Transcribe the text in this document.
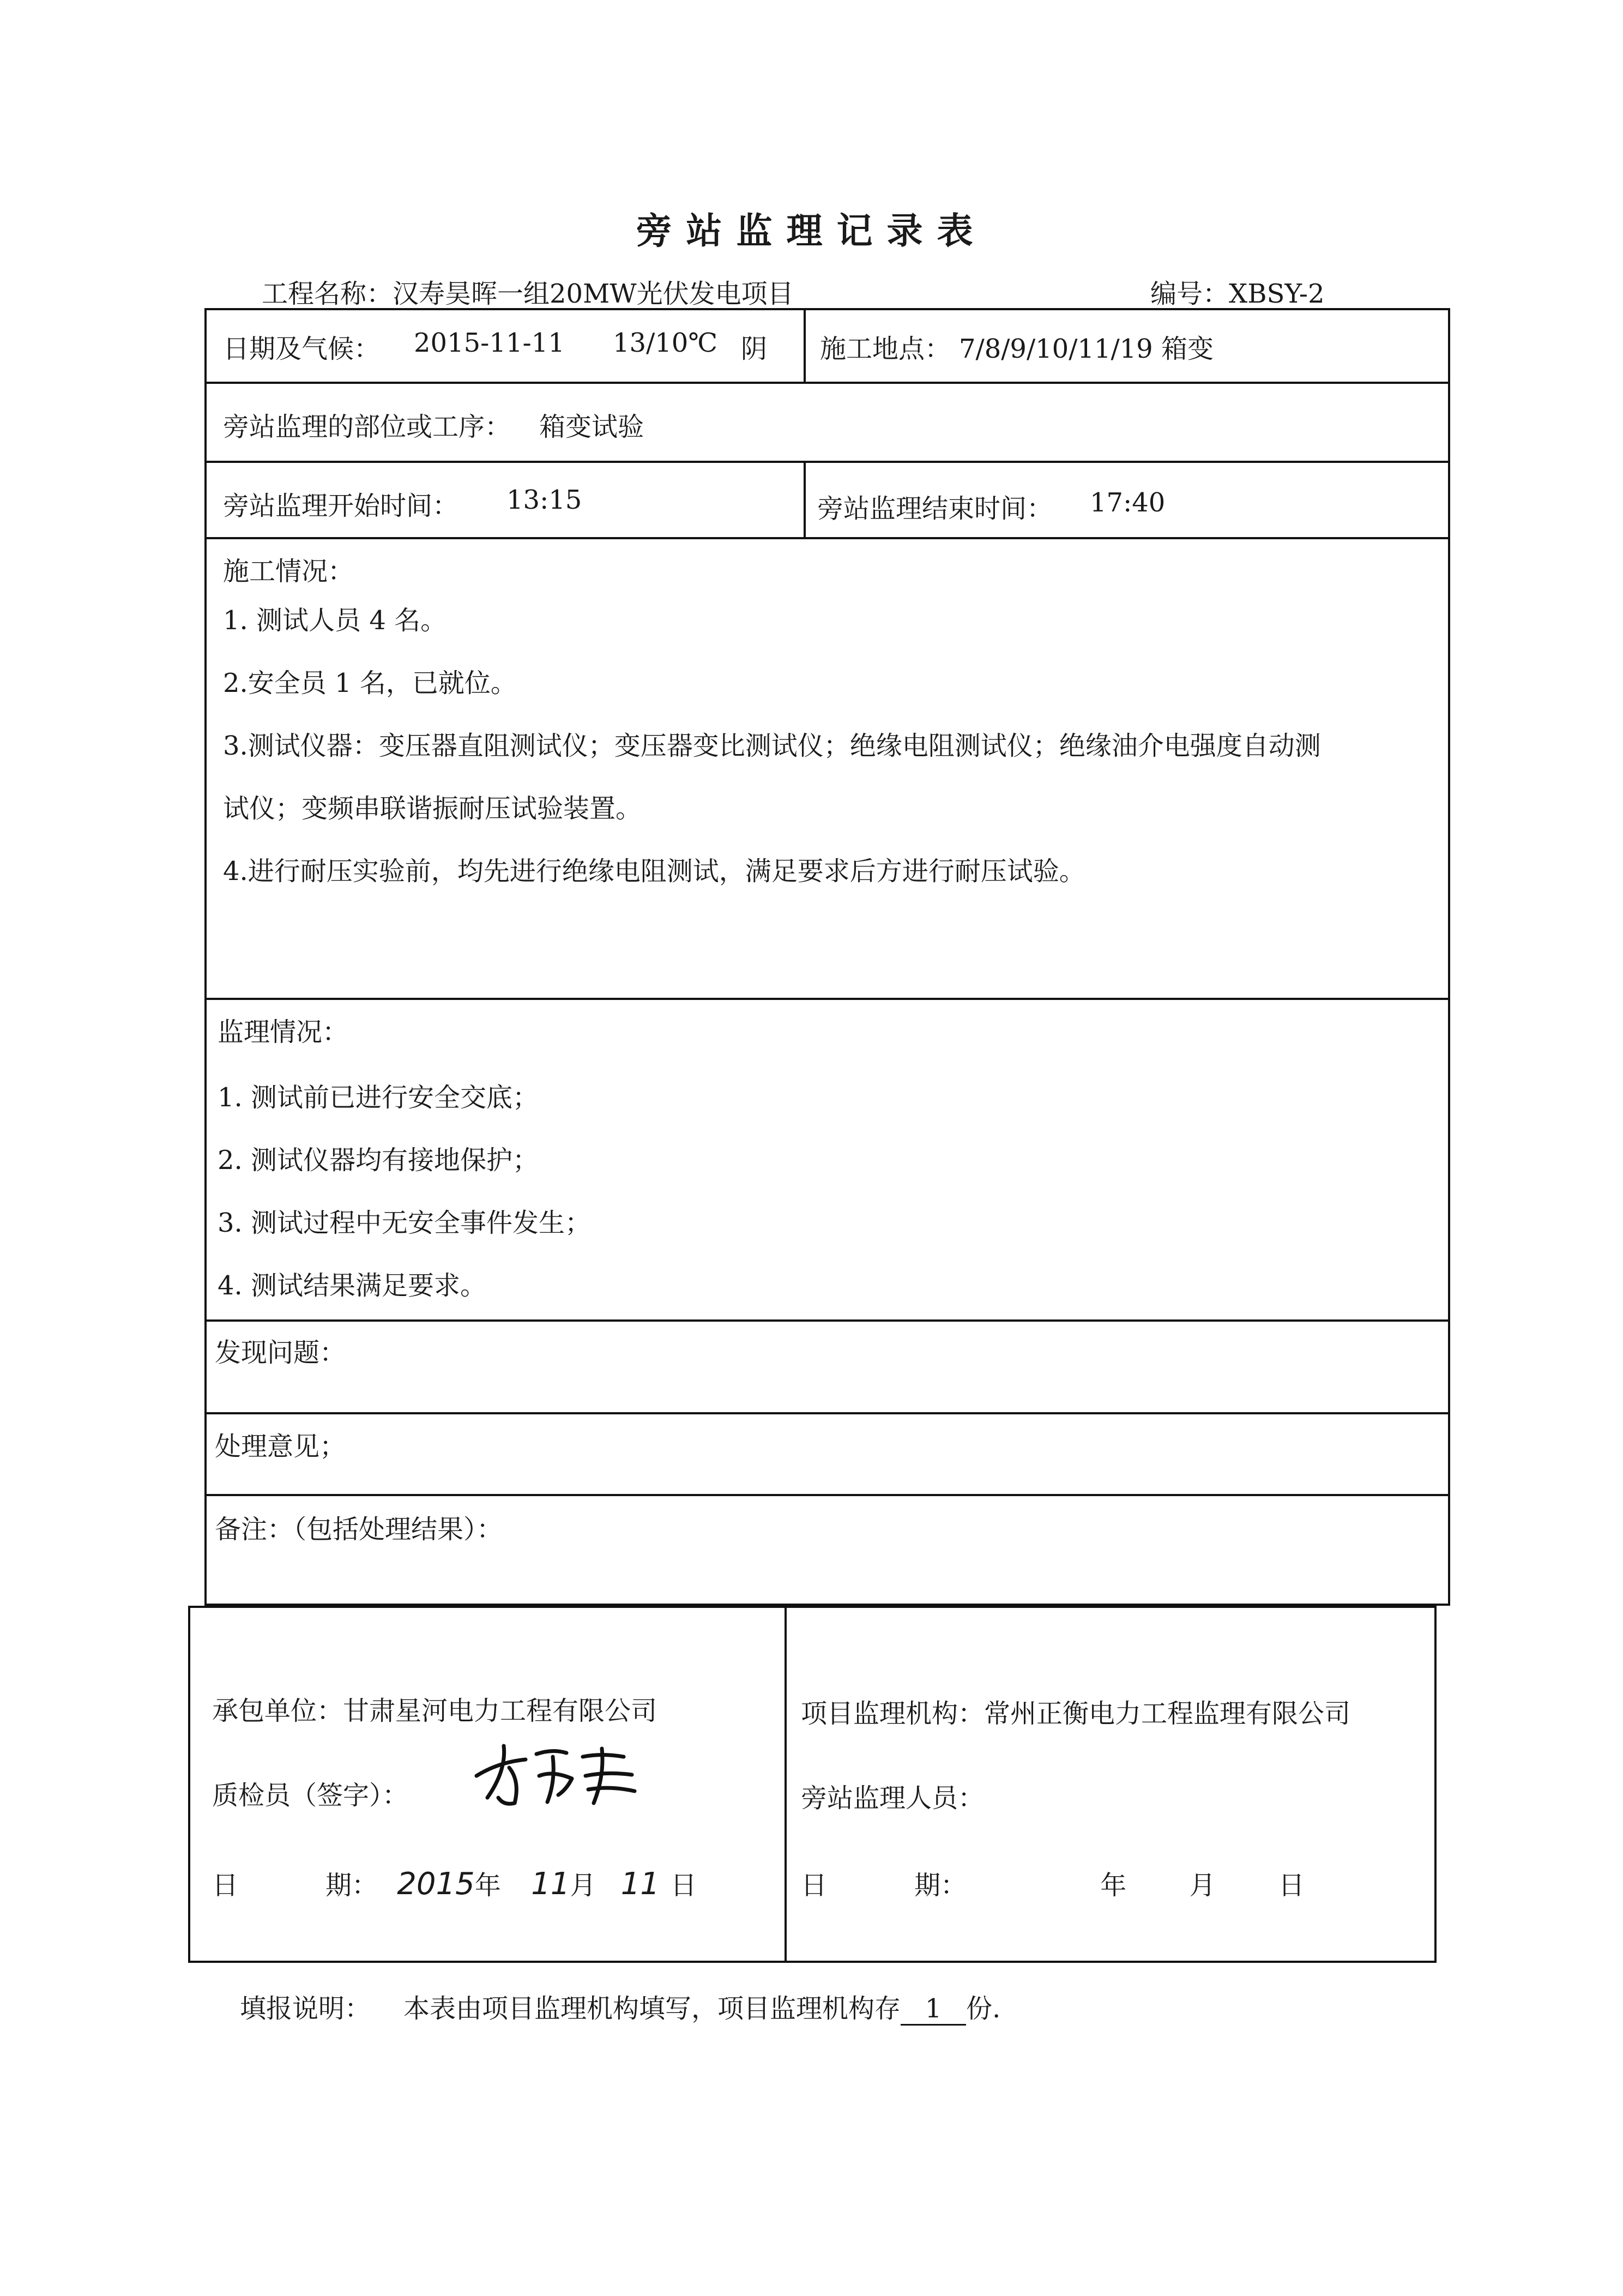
旁站监理记录表
工程名称：汉寿昊晖一组20MW光伏发电项目	编号：XBSY-2
日期及气候： 2015-11-11 13/10℃ 阴 施工地点： 7/8/9/10/11/19 箱变
旁站监理的部位或工序： 箱变试验
旁站监理开始时间： 13:15	旁站监理结束时间： 17:40
施工情况：
1. 测试人员 4 名。
2.安全员 1 名，已就位。
3.测试仪器：变压器直阻测试仪；变压器变比测试仪；绝缘电阻测试仪；绝缘油介电强度自动测
试仪；变频串联谐振耐压试验装置。
4.进行耐压实验前，均先进行绝缘电阻测试，满足要求后方进行耐压试验。
监理情况：
1. 测试前已进行安全交底；
2. 测试仪器均有接地保护；
3. 测试过程中无安全事件发生；
4. 测试结果满足要求。
发现问题：
处理意见；
备注：（包括处理结果）：
承包单位：甘肃星河电力工程有限公司
质检员（签字）：
日	期： 2015年 11月 11 日
项目监理机构：常州正衡电力工程监理有限公司
旁站监理人员：
日	期：	年 月 日
填报说明： 本表由项目监理机构填写，项目监理机构存 1 份.
